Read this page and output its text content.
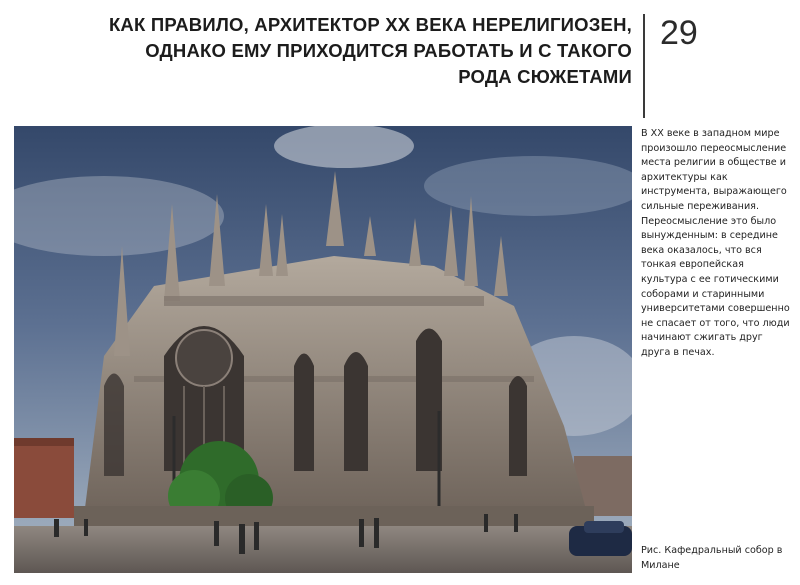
КАК ПРАВИЛО, АРХИТЕКТОР XX ВЕКА НЕРЕЛИГИОЗЕН,
ОДНАКО ЕМУ ПРИХОДИТСЯ РАБОТАТЬ И С ТАКОГО
РОДА СЮЖЕТАМИ
29
В XX веке в западном мире произошло переосмысление места религии в обществе и архитектуры как инструмента, выражающего сильные переживания. Переосмысление это было вынужденным: в середине века оказалось, что вся тонкая европейская культура с ее готическими соборами и старинными университетами совершенно не спасает от того, что люди начинают сжигать друг друга в печах.
Рис. Кафедральный собор в Милане
